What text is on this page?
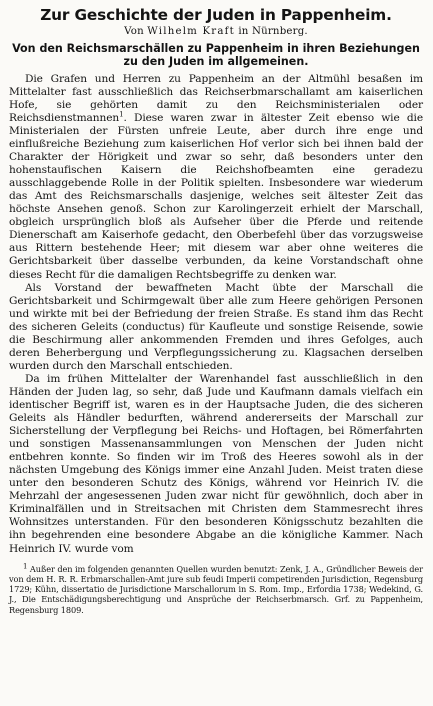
Zur Geschichte der Juden in Pappenheim.
Von Wilhelm Kraft in Nürnberg.
Von den Reichsmarschällen zu Pappenheim in ihren Beziehungen zu den Juden im allgemeinen.

Die Grafen und Herren zu Pappenheim an der Altmühl besaßen im Mittelalter fast ausschließlich das Reichserbmarschallamt am kaiserlichen Hofe, sie gehörten damit zu den Reichsministerialen oder Reichsdienstmannen$^1$. Diese waren zwar in ältester Zeit ebenso wie die Ministerialen der Fürsten unfreie Leute, aber durch ihre enge und einflußreiche Beziehung zum kaiserlichen Hof verlor sich bei ihnen bald der Charakter der Hörigkeit und zwar so sehr, daß besonders unter den hohenstaufischen Kaisern die Reichshofbeamten eine geradezu ausschlaggebende Rolle in der Politik spielten. Insbesondere war wiederum das Amt des Reichsmarschalls dasjenige, welches seit ältester Zeit das höchste Ansehen genoß. Schon zur Karolingerzeit erhielt der Marschall, obgleich ursprünglich bloß als Aufseher über die Pferde und reitende Dienerschaft am Kaiserhofe gedacht, den Oberbefehl über das vorzugsweise aus Rittern bestehende Heer; mit diesem war aber ohne weiteres die Gerichtsbarkeit über dasselbe verbunden, da keine Vorstandschaft ohne dieses Recht für die damaligen Rechtsbegriffe zu denken war.

Als Vorstand der bewaffneten Macht übte der Marschall die Gerichtsbarkeit und Schirmgewalt über alle zum Heere gehörigen Personen und wirkte mit bei der Befriedung der freien Straße. Es stand ihm das Recht des sicheren Geleits (conductus) für Kaufleute und sonstige Reisende, sowie die Beschirmung aller ankommenden Fremden und ihres Gefolges, auch deren Beherbergung und Verpflegungssicherung zu. Klagsachen derselben wurden durch den Marschall entschieden.

Da im frühen Mittelalter der Warenhandel fast ausschließlich in den Händen der Juden lag, so sehr, daß Jude und Kaufmann damals vielfach ein identischer Begriff ist, waren es in der Hauptsache Juden, die des sicheren Geleits als Händler bedurften, während andererseits der Marschall zur Sicherstellung der Verpflegung bei Reichs- und Hoftagen, bei Römerfahrten und sonstigen Massenansammlungen von Menschen der Juden nicht entbehren konnte. So finden wir im Troß des Heeres sowohl als in der nächsten Umgebung des Königs immer eine Anzahl Juden. Meist traten diese unter den besonderen Schutz des Königs, während vor Heinrich IV. die Mehrzahl der angesessenen Juden zwar nicht für gewöhnlich, doch aber in Kriminalfällen und in Streitsachen mit Christen dem Stammesrecht ihres Wohnsitzes unterstanden. Für den besonderen Königsschutz bezahlten die ihn begehrenden eine besondere Abgabe an die königliche Kammer. Nach Heinrich IV. wurde vom

$^1$ Außer den im folgenden genannten Quellen wurden benutzt: Zenk, J. A., Gründlicher Beweis der von dem H. R. R. Erbmarschallen-Amt jure sub feudi Imperii competirenden Jurisdiction, Regensburg 1729; Kühn, dissertatio de Jurisdictione Marschallorum in S. Rom. Imp., Erfordia 1738; Wedekind, G. J., Die Entschädigungsberechtigung und Ansprüche der Reichserbmarsch. Grf. zu Pappenheim, Regensburg 1809.
